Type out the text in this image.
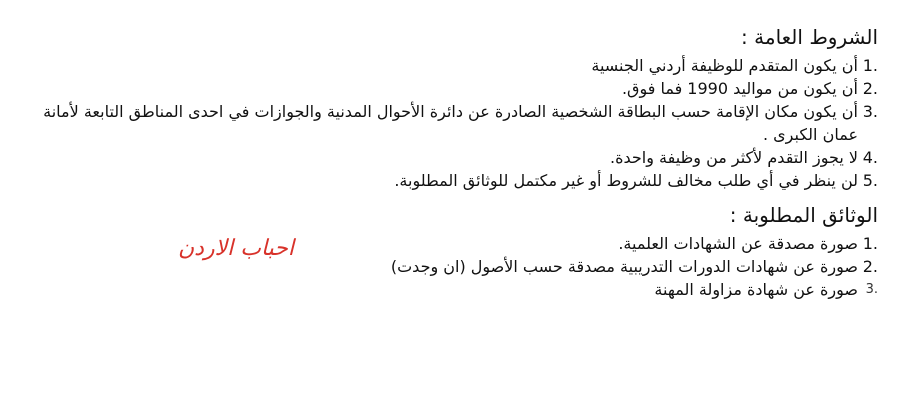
الشروط العامة :
1.
أن يكون المتقدم للوظيفة أردني الجنسية
2.
أن يكون من مواليد 1990 فما فوق.
3.
أن يكون مكان الإقامة حسب البطاقة الشخصية الصادرة عن دائرة الأحوال المدنية والجوازات في احدى المناطق التابعة لأمانة عمان الكبرى .
4.
لا يجوز التقدم لأكثر من وظيفة واحدة.
5.
لن ينظر في أي طلب مخالف للشروط أو غير مكتمل للوثائق المطلوبة.
الوثائق المطلوبة :
1.
صورة مصدقة عن الشهادات العلمية.
2.
صورة عن شهادات الدورات التدريبية مصدقة حسب الأصول (ان وجدت)
3.
صورة عن شهادة مزاولة المهنة
احباب الاردن
